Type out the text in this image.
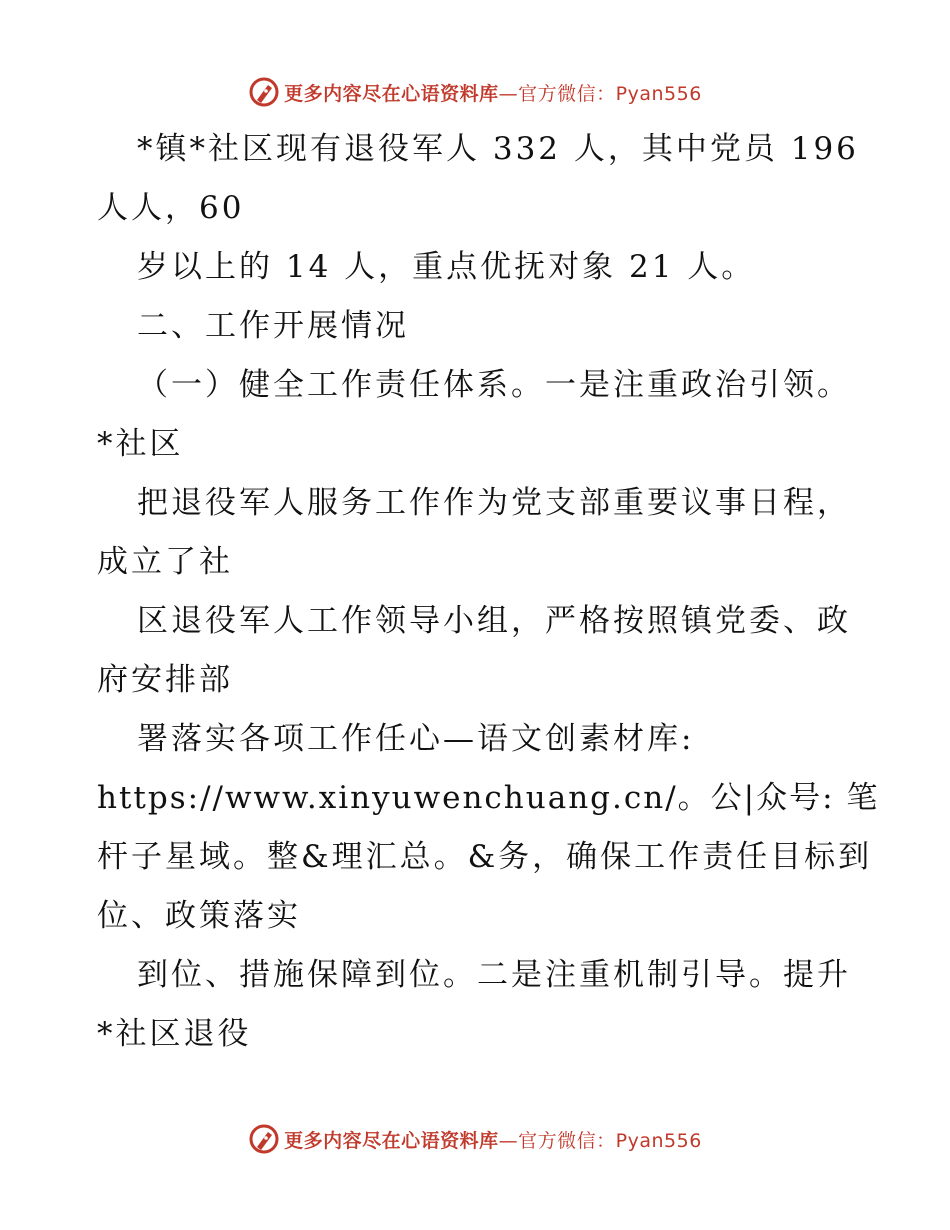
更多内容尽在心语资料库—官方微信：Pyan556
*镇*社区现有退役军人 332 人，其中党员 196
人人，60
岁以上的 14 人，重点优抚对象 21 人。
二、工作开展情况
（一）健全工作责任体系。一是注重政治引领。
*社区
把退役军人服务工作作为党支部重要议事日程，
成立了社
区退役军人工作领导小组，严格按照镇党委、政
府安排部
署落实各项工作任心—语文创素材库:
https://www.xinyuwenchuang.cn/。公|众号: 笔
杆子星域。整&理汇总。&务，确保工作责任目标到
位、政策落实
到位、措施保障到位。二是注重机制引导。提升
*社区退役
更多内容尽在心语资料库—官方微信：Pyan556
